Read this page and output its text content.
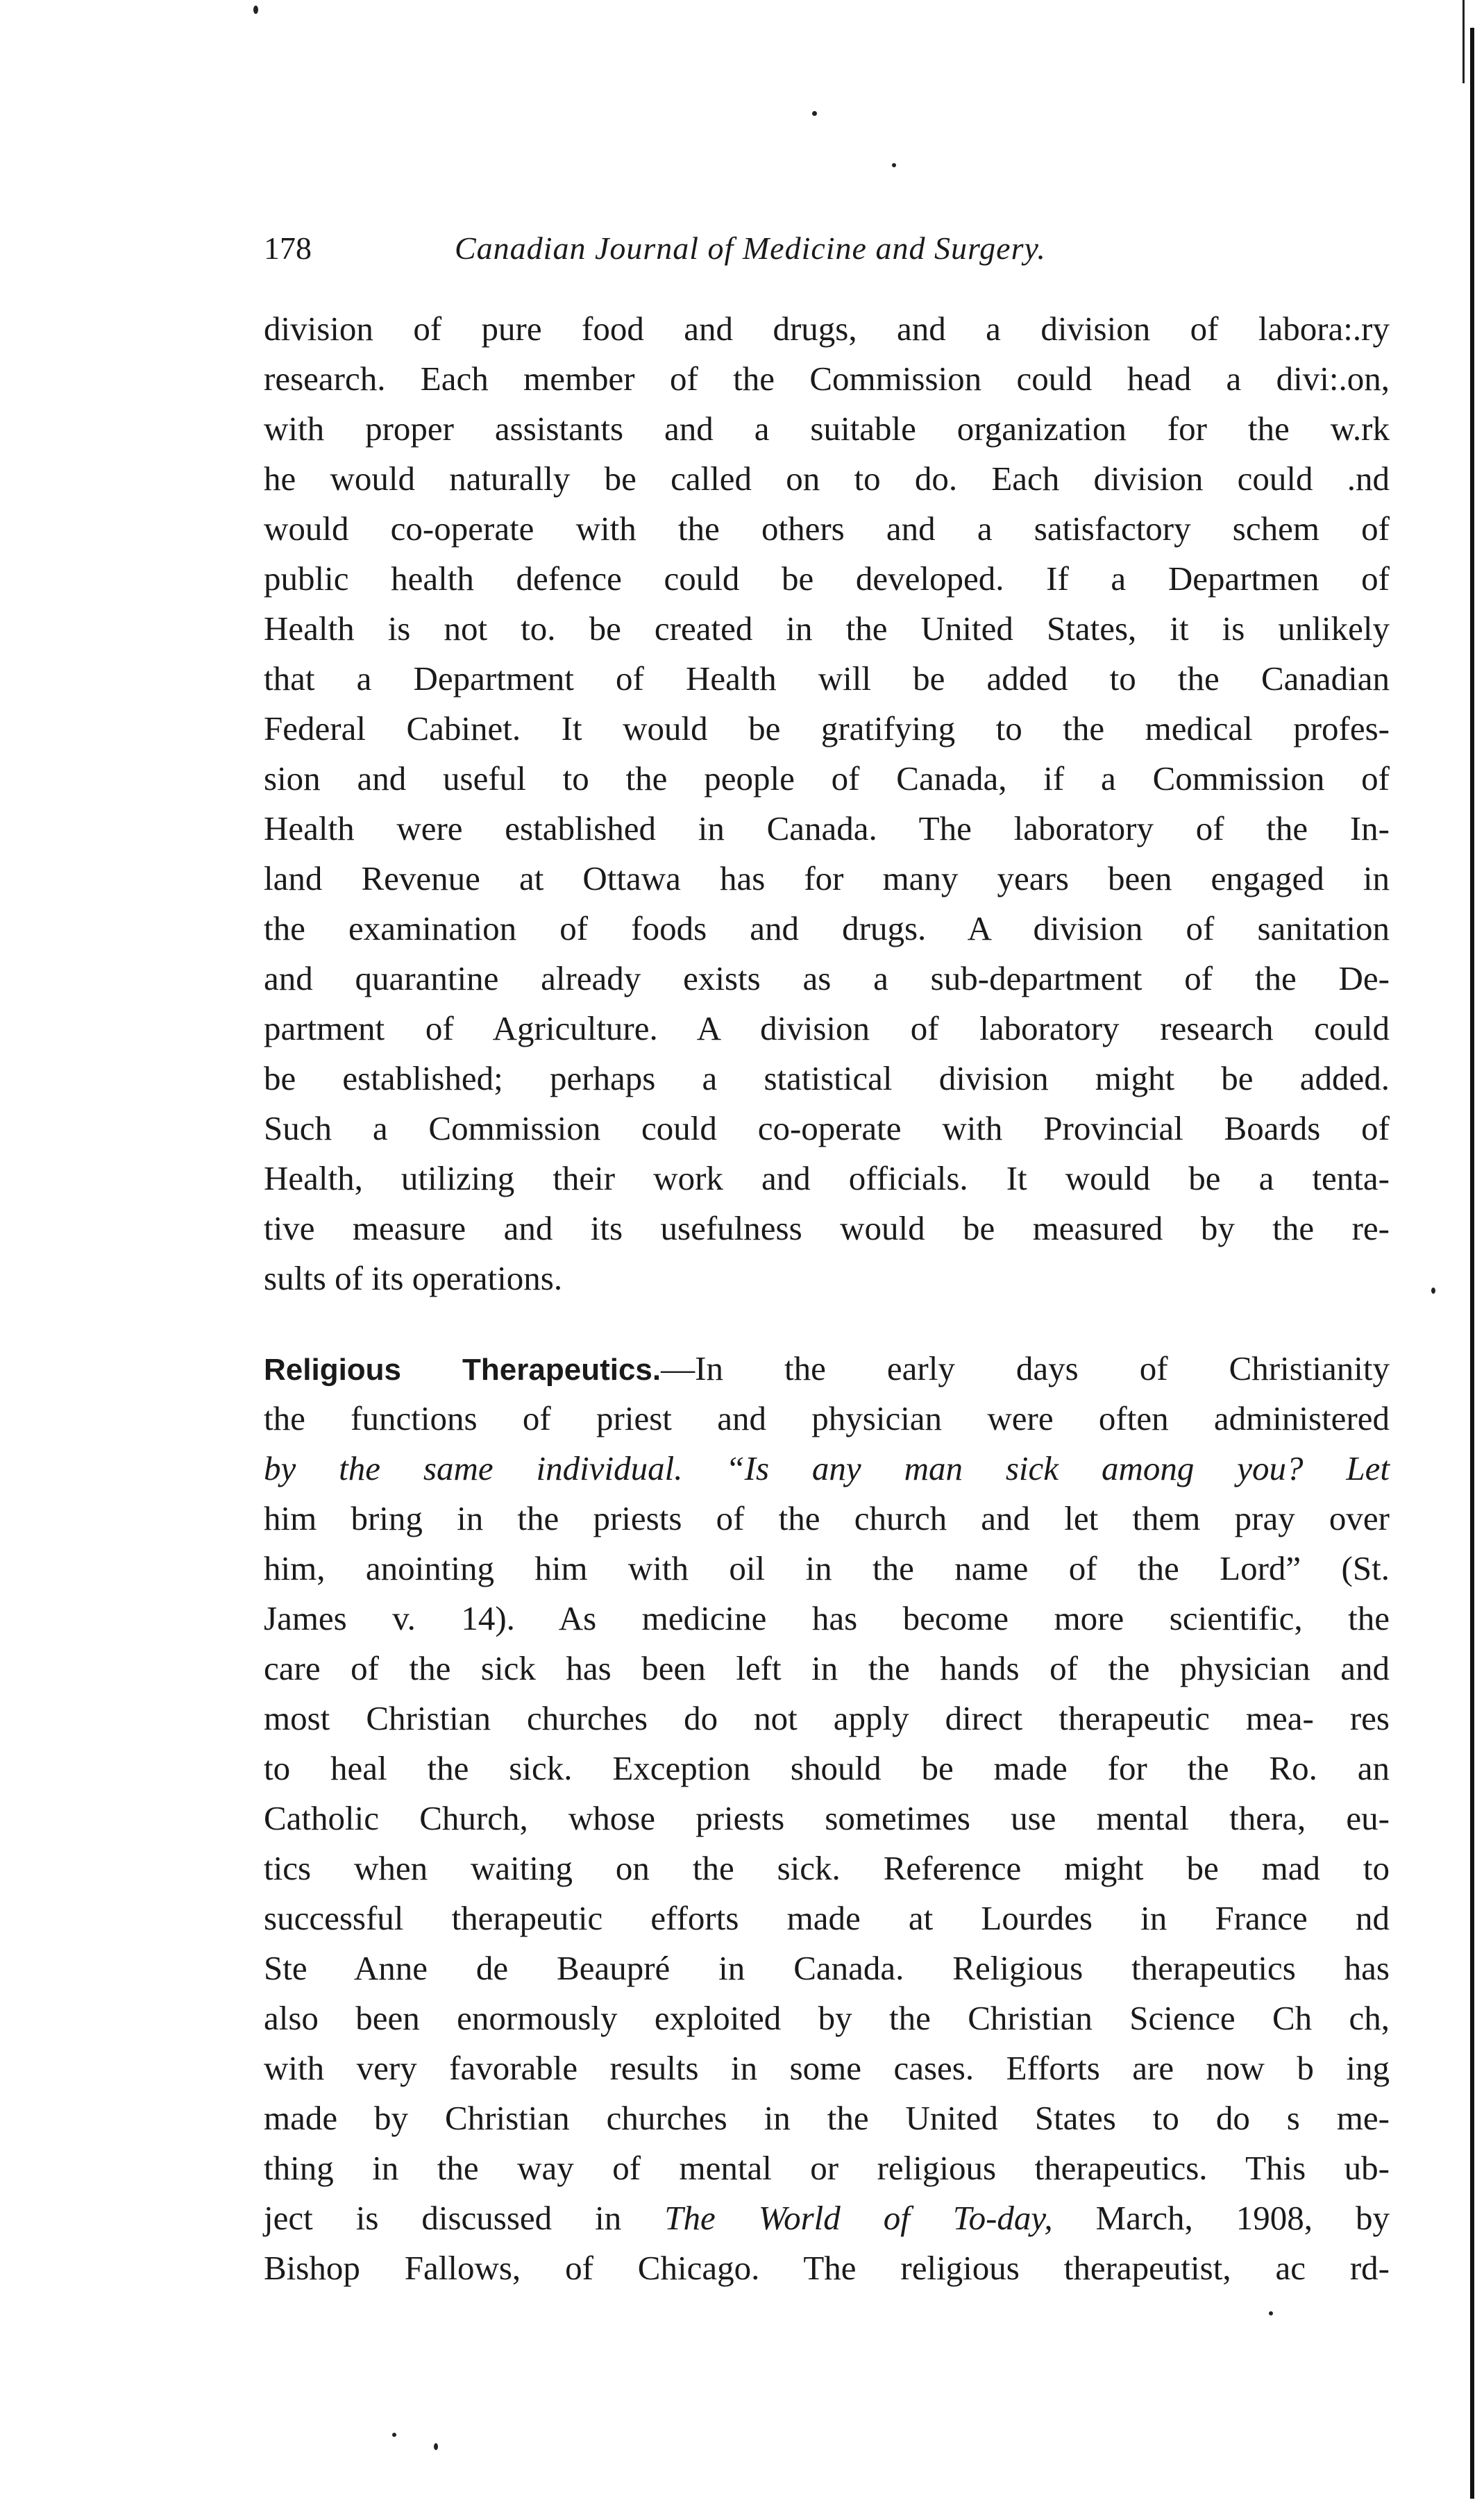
178	Canadian Journal of Medicine and Surgery.
division of pure food and drugs, and a division of labora:.ry
research. Each member of the Commission could head a divi:.on,
with proper assistants and a suitable organization for the w.rk
he would naturally be called on to do. Each division could .nd
would co-operate with the others and a satisfactory schem of
public health defence could be developed. If a Departmen of
Health is not to. be created in the United States, it is unlikely
that a Department of Health will be added to the Canadian
Federal Cabinet. It would be gratifying to the medical profes-
sion and useful to the people of Canada, if a Commission of
Health were established in Canada. The laboratory of the In-
land Revenue at Ottawa has for many years been engaged in
the examination of foods and drugs. A division of sanitation
and quarantine already exists as a sub-department of the De-
partment of Agriculture. A division of laboratory research could
be established; perhaps a statistical division might be added.
Such a Commission could co-operate with Provincial Boards of
Health, utilizing their work and officials. It would be a tenta-
tive measure and its usefulness would be measured by the re-
sults of its operations.
Religious Therapeutics.—In the early days of Christianity
the functions of priest and physician were often administered
by the same individual. “Is any man sick among you? Let
him bring in the priests of the church and let them pray over
him, anointing him with oil in the name of the Lord” (St.
James v. 14). As medicine has become more scientific, the
care of the sick has been left in the hands of the physician and
most Christian churches do not apply direct therapeutic mea- res
to heal the sick. Exception should be made for the Ro. an
Catholic Church, whose priests sometimes use mental thera, eu-
tics when waiting on the sick. Reference might be mad to
successful therapeutic efforts made at Lourdes in France nd
Ste Anne de Beaupré in Canada. Religious therapeutics has
also been enormously exploited by the Christian Science Ch ch,
with very favorable results in some cases. Efforts are now b ing
made by Christian churches in the United States to do s me-
thing in the way of mental or religious therapeutics. This ub-
ject is discussed in The World of To-day, March, 1908, by
Bishop Fallows, of Chicago. The religious therapeutist, ac rd-
